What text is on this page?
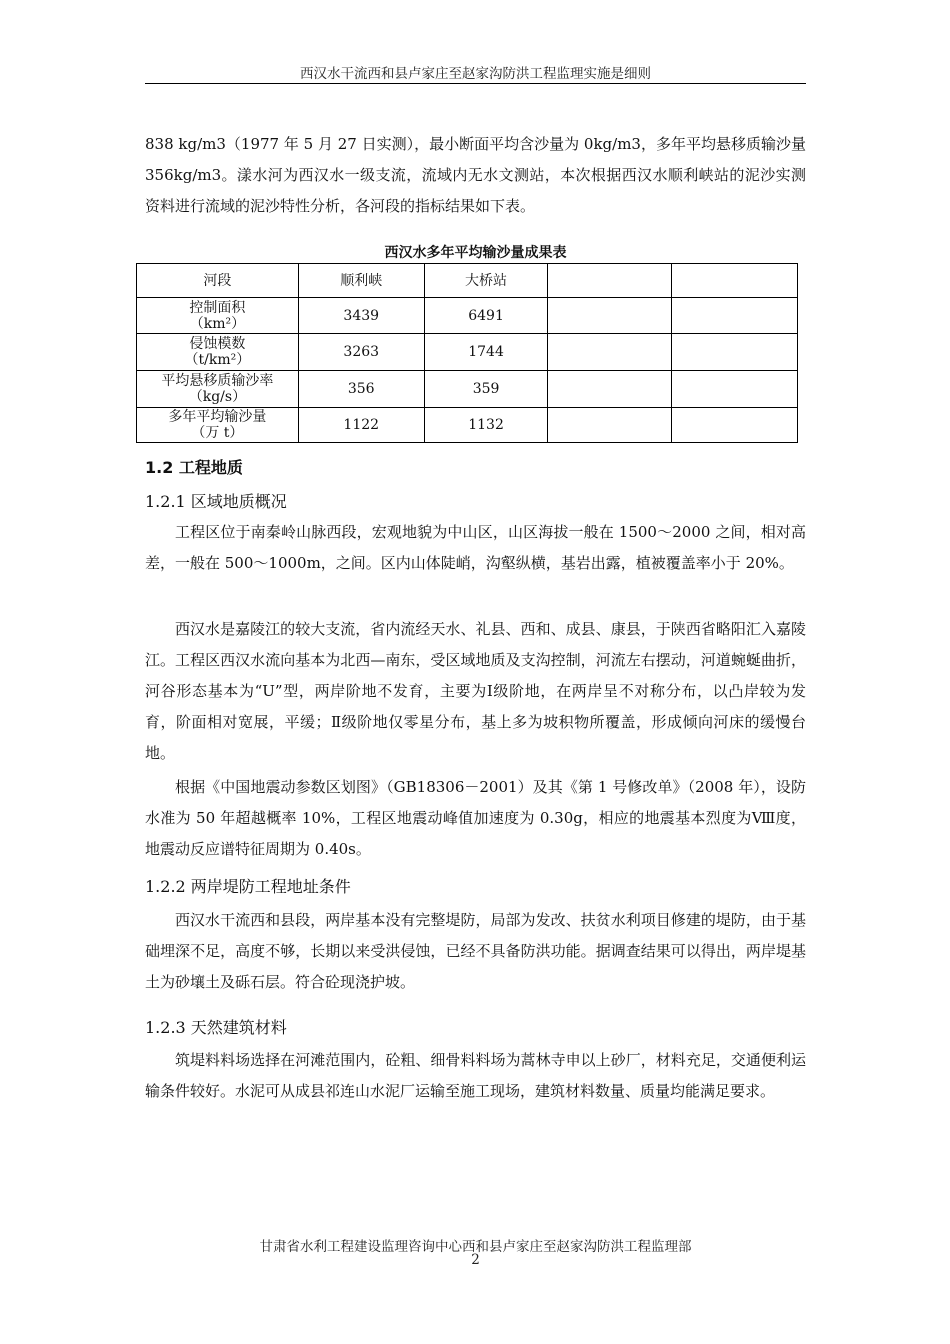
西汉水干流西和县卢家庄至赵家沟防洪工程监理实施是细则

838 kg/m3（1977 年 5 月 27 日实测），最小断面平均含沙量为 0kg/m3，多年平均悬移质输沙量 356kg/m3。漾水河为西汉水一级支流，流域内无水文测站，本次根据西汉水顺利峡站的泥沙实测资料进行流域的泥沙特性分析，各河段的指标结果如下表。

西汉水多年平均输沙量成果表
河段	顺利峡	大桥站		

控制面积
（km²）	3439	6491		

侵蚀模数
（t/km²）	3263	1744		

平均悬移质输沙率
（kg/s）	356	359		

多年平均输沙量
（万 t）	1122	1132		
1.2 工程地质
1.2.1 区域地质概况

工程区位于南秦岭山脉西段，宏观地貌为中山区，山区海拔一般在 1500～2000 之间，相对高差，一般在 500～1000m，之间。区内山体陡峭，沟壑纵横，基岩出露，植被覆盖率小于 20%。

西汉水是嘉陵江的较大支流，省内流经天水、礼县、西和、成县、康县，于陕西省略阳汇入嘉陵江。工程区西汉水流向基本为北西—南东，受区域地质及支沟控制，河流左右摆动，河道蜿蜒曲折，河谷形态基本为“U”型，两岸阶地不发育，主要为Ⅰ级阶地，在两岸呈不对称分布，以凸岸较为发育，阶面相对宽展，平缓；Ⅱ级阶地仅零星分布，基上多为坡积物所覆盖，形成倾向河床的缓慢台地。

根据《中国地震动参数区划图》（GB18306－2001）及其《第 1 号修改单》（2008 年），设防水准为 50 年超越概率 10%，工程区地震动峰值加速度为 0.30g，相应的地震基本烈度为Ⅷ度，地震动反应谱特征周期为 0.40s。

1.2.2 两岸堤防工程地址条件

西汉水干流西和县段，两岸基本没有完整堤防，局部为发改、扶贫水利项目修建的堤防，由于基础埋深不足，高度不够，长期以来受洪侵蚀，已经不具备防洪功能。据调查结果可以得出，两岸堤基土为砂壤土及砾石层。符合砼现浇护坡。

1.2.3 天然建筑材料

筑堤料料场选择在河滩范围内，砼粗、细骨料料场为蒿林寺申以上砂厂，材料充足，交通便利运输条件较好。水泥可从成县祁连山水泥厂运输至施工现场，建筑材料数量、质量均能满足要求。

甘肃省水利工程建设监理咨询中心西和县卢家庄至赵家沟防洪工程监理部
2
